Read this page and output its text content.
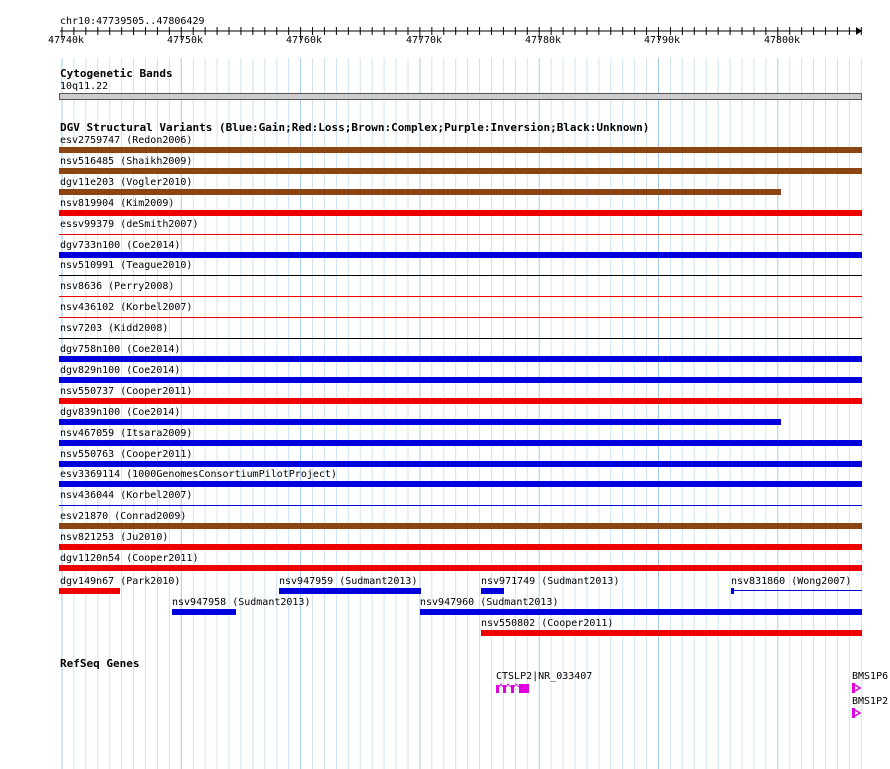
chr10:47739505..47806429
47740k	47750k	47760k	47770k	47780k	47790k	47800k
Cytogenetic Bands
10q11.22
DGV Structural Variants (Blue:Gain;Red:Loss;Brown:Complex;Purple:Inversion;Black:Unknown)
esv2759747 (Redon2006)
nsv516485 (Shaikh2009)
dgv11e203 (Vogler2010)
nsv819904 (Kim2009)
essv99379 (deSmith2007)
dgv733n100 (Coe2014)
nsv510991 (Teague2010)
nsv8636 (Perry2008)
nsv436102 (Korbel2007)
nsv7203 (Kidd2008)
dgv758n100 (Coe2014)
dgv829n100 (Coe2014)
nsv550737 (Cooper2011)
dgv839n100 (Coe2014)
nsv467059 (Itsara2009)
nsv550763 (Cooper2011)
esv3369114 (1000GenomesConsortiumPilotProject)
nsv436044 (Korbel2007)
esv21870 (Conrad2009)
nsv821253 (Ju2010)
dgv1120n54 (Cooper2011)
dgv149n67 (Park2010)	nsv947959 (Sudmant2013)	nsv971749 (Sudmant2013)	nsv831860 (Wong2007)
nsv947958 (Sudmant2013)	nsv947960 (Sudmant2013)
nsv550802 (Cooper2011)
RefSeq Genes
CTSLP2|NR_033407	BMS1P6
BMS1P2
